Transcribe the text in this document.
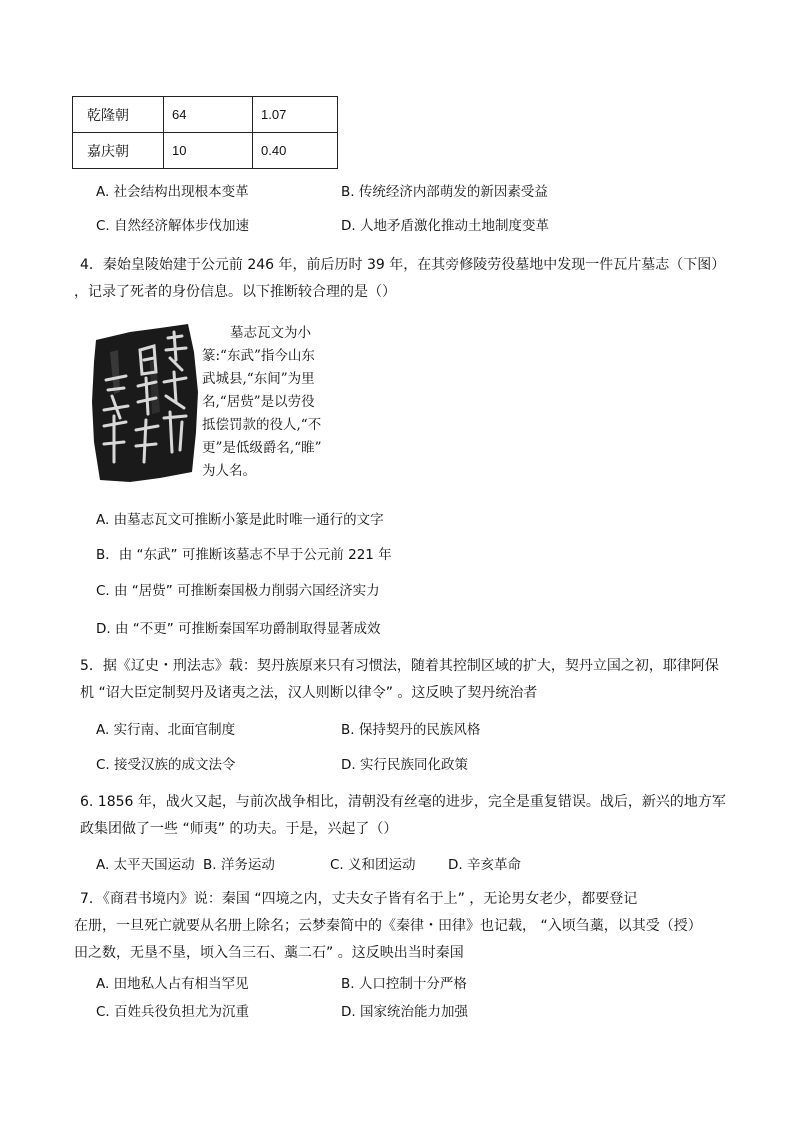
乾隆朝	64	1.07
嘉庆朝	10	0.40
A. 社会结构出现根本变革	B. 传统经济内部萌发的新因素受益
C. 自然经济解体步伐加速	D. 人地矛盾激化推动土地制度变革
4．秦始皇陵始建于公元前 246 年，前后历时 39 年，在其旁修陵劳役墓地中发现一件瓦片墓志（下图）
，记录了死者的身份信息。以下推断较合理的是（）
墓志瓦文为小
篆:“东武”指今山东
武城县,“东间”为里
名,“居赀”是以劳役
抵偿罚款的役人,“不
更”是低级爵名,“睢”
为人名。
A. 由墓志瓦文可推断小篆是此时唯一通行的文字
B．由 “东武” 可推断该墓志不早于公元前 221 年
C. 由 “居赀” 可推断秦国极力削弱六国经济实力
D. 由 “不更” 可推断秦国军功爵制取得显著成效
5．据《辽史・刑法志》载：契丹族原来只有习惯法，随着其控制区域的扩大，契丹立国之初，耶律阿保
机 “诏大臣定制契丹及诸夷之法，汉人则断以律令” 。这反映了契丹统治者
A. 实行南、北面官制度	B. 保持契丹的民族风格
C. 接受汉族的成文法令	D. 实行民族同化政策
6. 1856 年，战火又起，与前次战争相比，清朝没有丝毫的进步，完全是重复错误。战后，新兴的地方军
政集团做了一些 “师夷” 的功夫。于是，兴起了（）
A. 太平天国运动 B. 洋务运动	C. 义和团运动 D. 辛亥革命
7．《商君书境内》说：秦国 “四境之内，丈夫女子皆有名于上” ，无论男女老少，都要登记
在册，一旦死亡就要从名册上除名；云梦秦简中的《秦律・田律》也记载， “入顷刍藁，以其受（授）
田之数，无垦不垦，顷入刍三石、藁二石” 。这反映出当时秦国
A. 田地私人占有相当罕见	B. 人口控制十分严格
C. 百姓兵役负担尤为沉重	D. 国家统治能力加强
